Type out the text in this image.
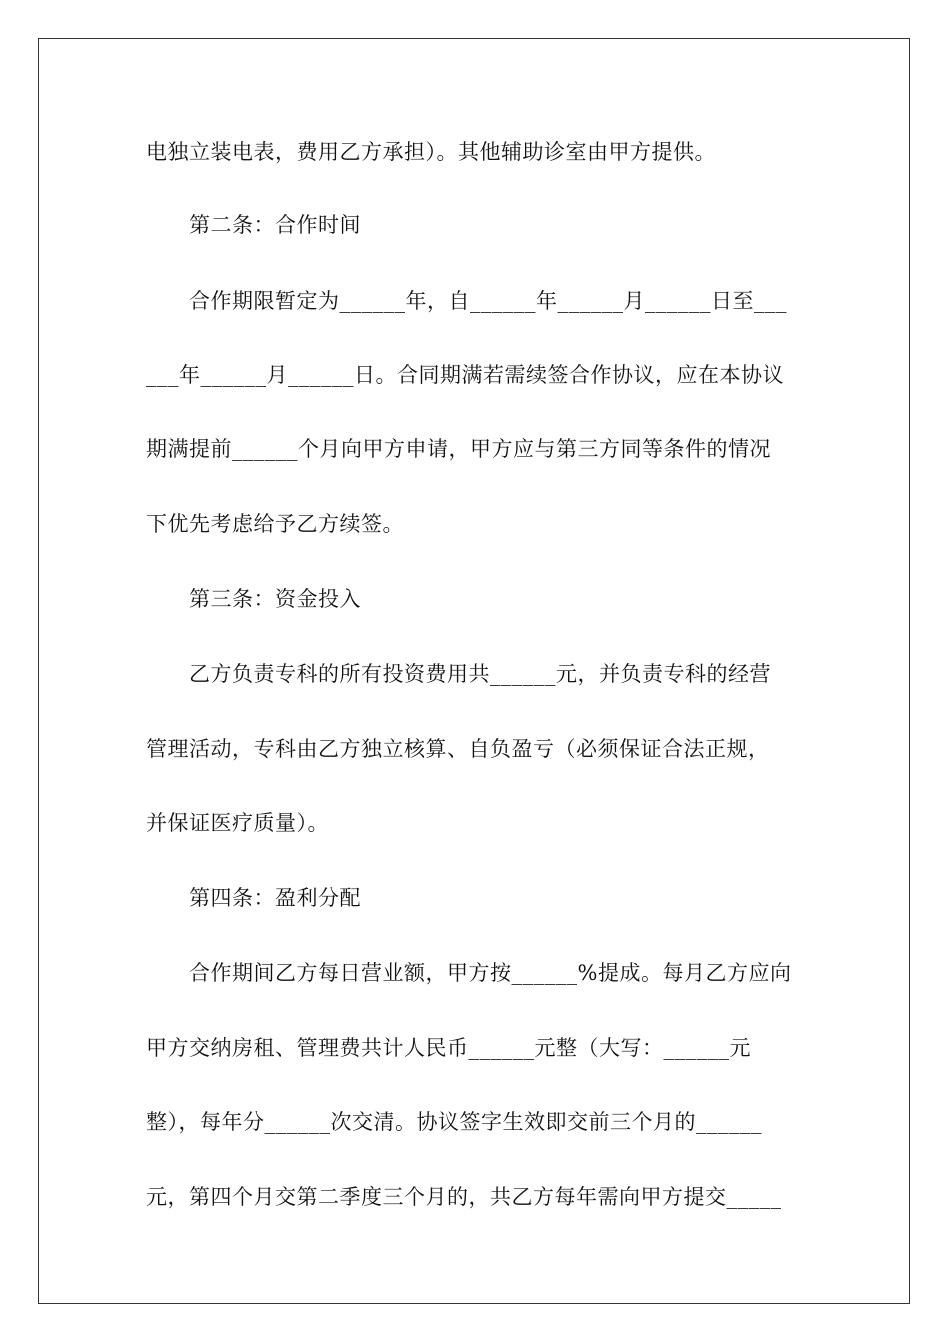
电独立装电表，费用乙方承担）。其他辅助诊室由甲方提供。
第二条：合作时间
合作期限暂定为______年，自______年______月______日至___
___年______月______日。合同期满若需续签合作协议，应在本协议
期满提前______个月向甲方申请，甲方应与第三方同等条件的情况
下优先考虑给予乙方续签。
第三条：资金投入
乙方负责专科的所有投资费用共______元，并负责专科的经营
管理活动，专科由乙方独立核算、自负盈亏（必须保证合法正规，
并保证医疗质量）。
第四条：盈利分配
合作期间乙方每日营业额，甲方按______%提成。每月乙方应向
甲方交纳房租、管理费共计人民币______元整（大写：______元
整），每年分______次交清。协议签字生效即交前三个月的______
元，第四个月交第二季度三个月的，共乙方每年需向甲方提交_____
